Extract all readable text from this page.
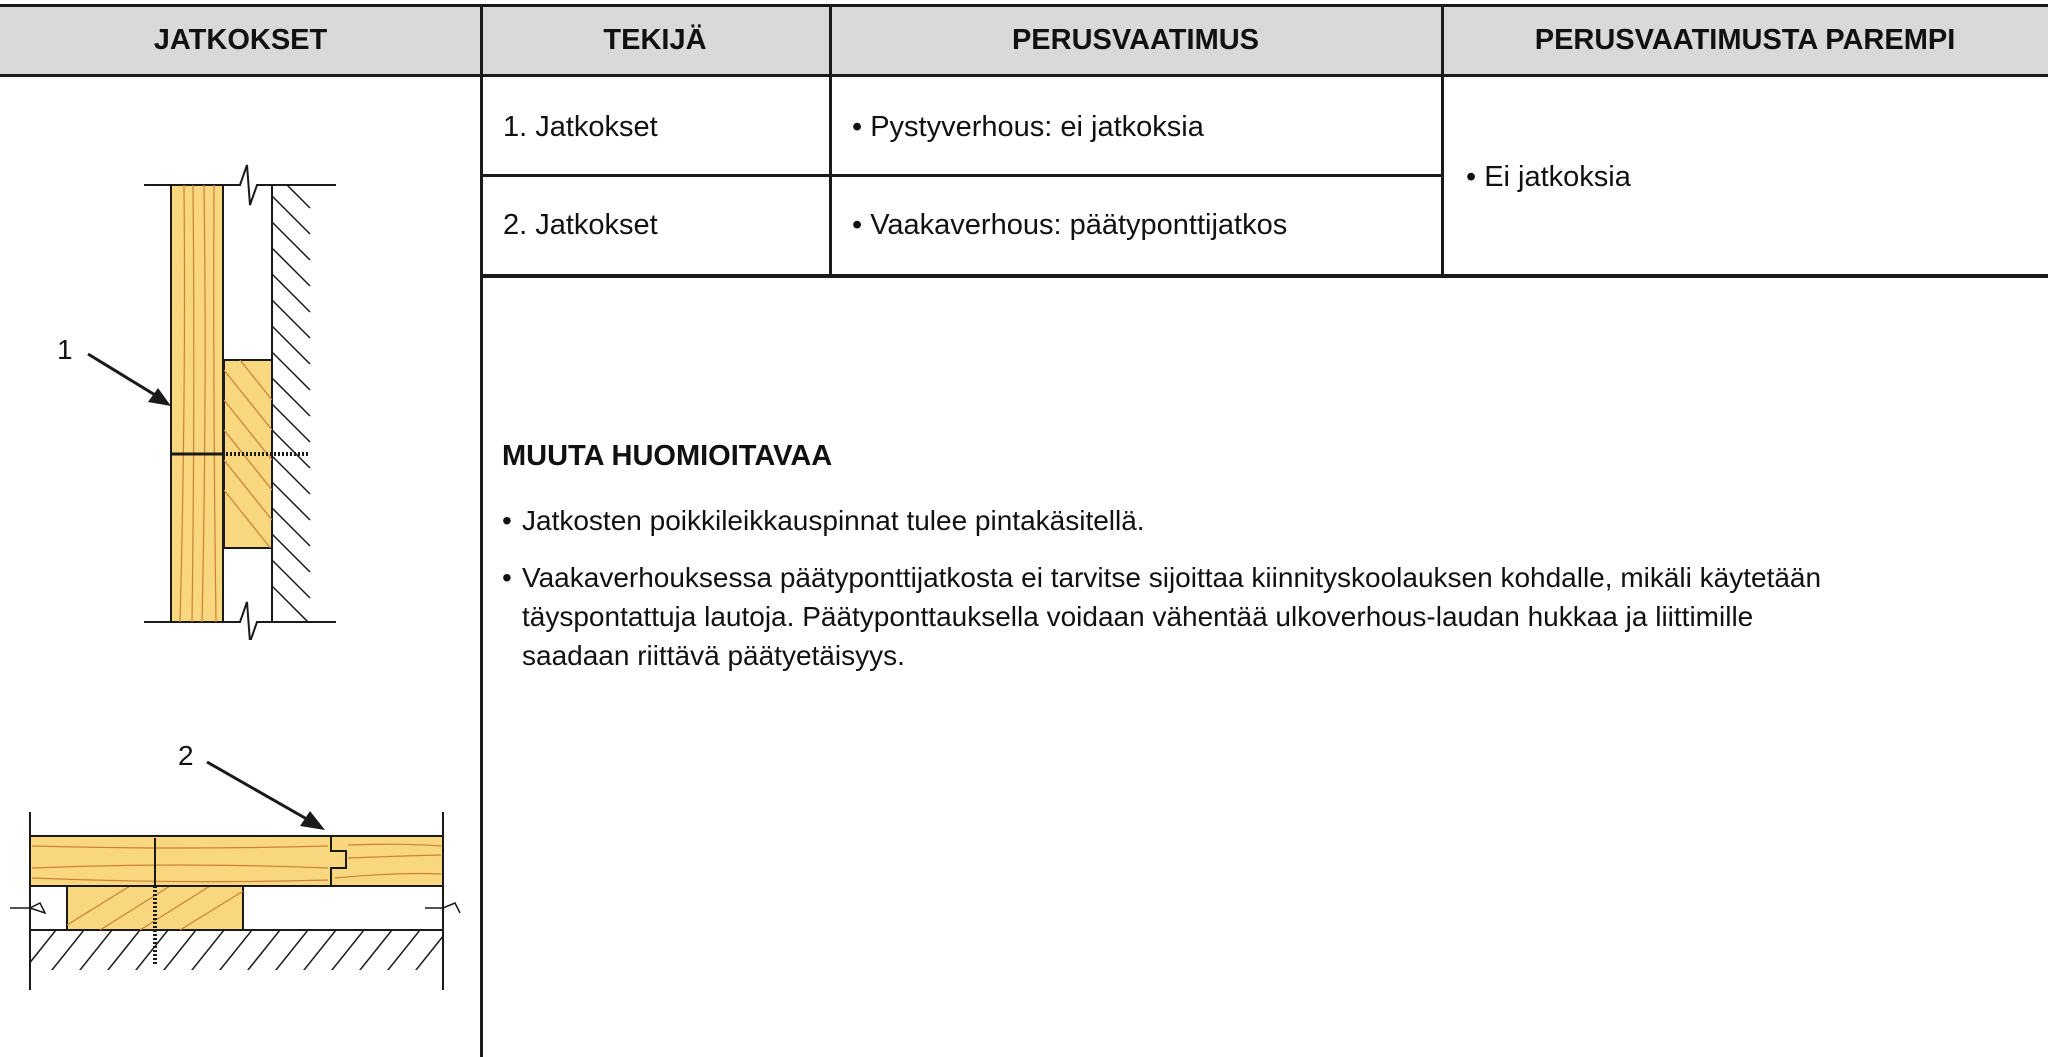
JATKOKSET	TEKIJÄ	PERUSVAATIMUS	PERUSVAATIMUSTA PAREMPI
1. Jatkokset	• Pystyverhous: ei jatkoksia
2. Jatkokset	• Vaakaverhous: päätyponttijatkos
• Ei jatkoksia
MUUTA HUOMIOITAVAA
• Jatkosten poikkileikkauspinnat tulee pintakäsitellä.
• Vaakaverhouksessa päätyponttijatkosta ei tarvitse sijoittaa kiinnityskoolauksen kohdalle, mikäli käytetään täyspontattuja lautoja. Päätyponttauksella voidaan vähentää ulkoverhous-laudan hukkaa ja liittimille saadaan riittävä päätyetäisyys.
1
2
